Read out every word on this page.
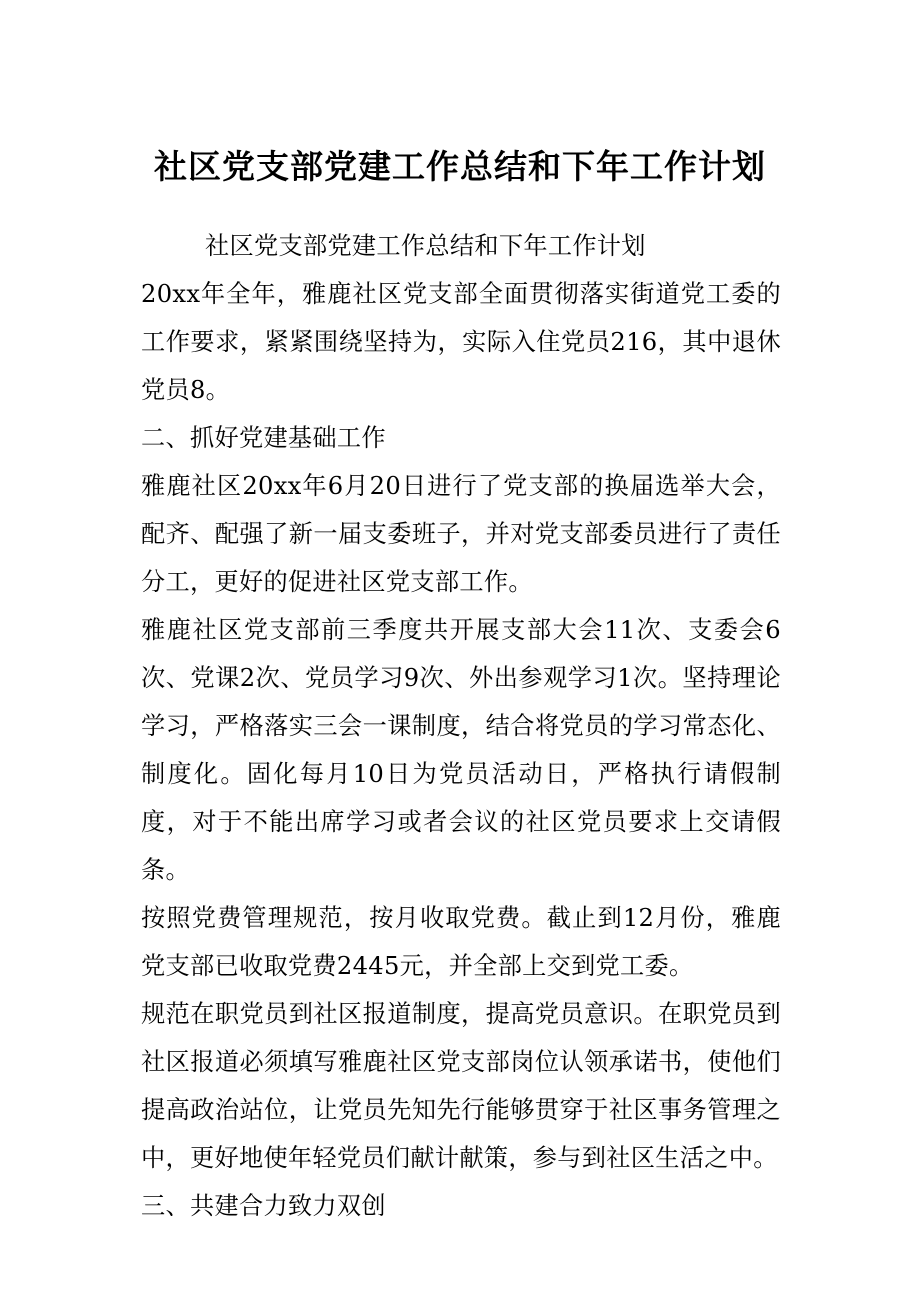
社区党支部党建工作总结和下年工作计划

社区党支部党建工作总结和下年工作计划

20xx年全年，雅鹿社区党支部全面贯彻落实街道党工委的工作要求，紧紧围绕坚持为，实际入住党员216，其中退休党员8。

二、抓好党建基础工作

雅鹿社区20xx年6月20日进行了党支部的换届选举大会，配齐、配强了新一届支委班子，并对党支部委员进行了责任分工，更好的促进社区党支部工作。

雅鹿社区党支部前三季度共开展支部大会11次、支委会6次、党课2次、党员学习9次、外出参观学习1次。坚持理论学习，严格落实三会一课制度，结合将党员的学习常态化、制度化。固化每月10日为党员活动日，严格执行请假制度，对于不能出席学习或者会议的社区党员要求上交请假条。

按照党费管理规范，按月收取党费。截止到12月份，雅鹿党支部已收取党费2445元，并全部上交到党工委。

规范在职党员到社区报道制度，提高党员意识。在职党员到社区报道必须填写雅鹿社区党支部岗位认领承诺书，使他们提高政治站位，让党员先知先行能够贯穿于社区事务管理之中，更好地使年轻党员们献计献策，参与到社区生活之中。

三、共建合力致力双创
